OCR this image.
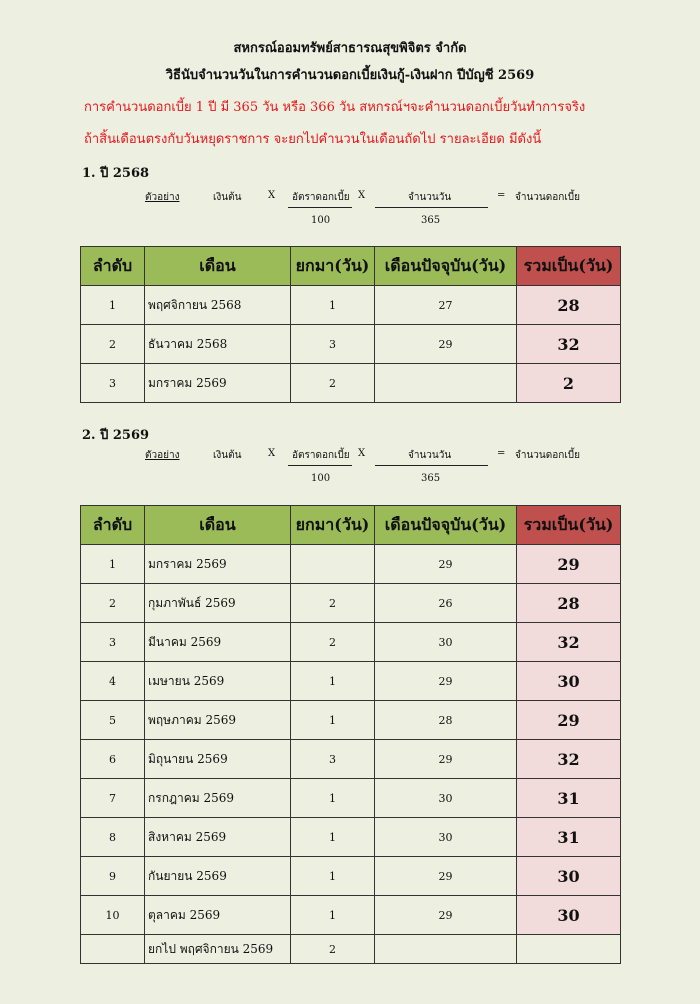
สหกรณ์ออมทรัพย์สาธารณสุขพิจิตร จำกัด
วิธีนับจำนวนวันในการคำนวนดอกเบี้ยเงินกู้-เงินฝาก ปีบัญชี 2569
การคำนวนดอกเบี้ย 1 ปี มี 365 วัน หรือ 366 วัน สหกรณ์ฯจะคำนวนดอกเบี้ยวันทำการจริง
ถ้าสิ้นเดือนตรงกับวันหยุดราชการ จะยกไปคำนวนในเดือนถัดไป รายละเอียด มีดังนี้
1. ปี 2568
ตัวอย่าง	เงินต้น	X อัตราดอกเบี้ย X	จำนวนวัน	= จำนวนดอกเบี้ย
100	365
ลำดับ	เดือน	ยกมา(วัน)	เดือนปัจจุบัน(วัน)	รวมเป็น(วัน)
1	พฤศจิกายน 2568	1	27	28
2	ธันวาคม 2568	3	29	32
3	มกราคม 2569	2		2
2. ปี 2569
ตัวอย่าง	เงินต้น	X อัตราดอกเบี้ย X	จำนวนวัน	= จำนวนดอกเบี้ย
100	365
ลำดับ	เดือน	ยกมา(วัน)	เดือนปัจจุบัน(วัน)	รวมเป็น(วัน)
1	มกราคม 2569		29	29
2	กุมภาพันธ์ 2569	2	26	28
3	มีนาคม 2569	2	30	32
4	เมษายน 2569	1	29	30
5	พฤษภาคม 2569	1	28	29
6	มิถุนายน 2569	3	29	32
7	กรกฎาคม 2569	1	30	31
8	สิงหาคม 2569	1	30	31
9	กันยายน 2569	1	29	30
10	ตุลาคม 2569	1	29	30
	ยกไป พฤศจิกายน 2569	2		
